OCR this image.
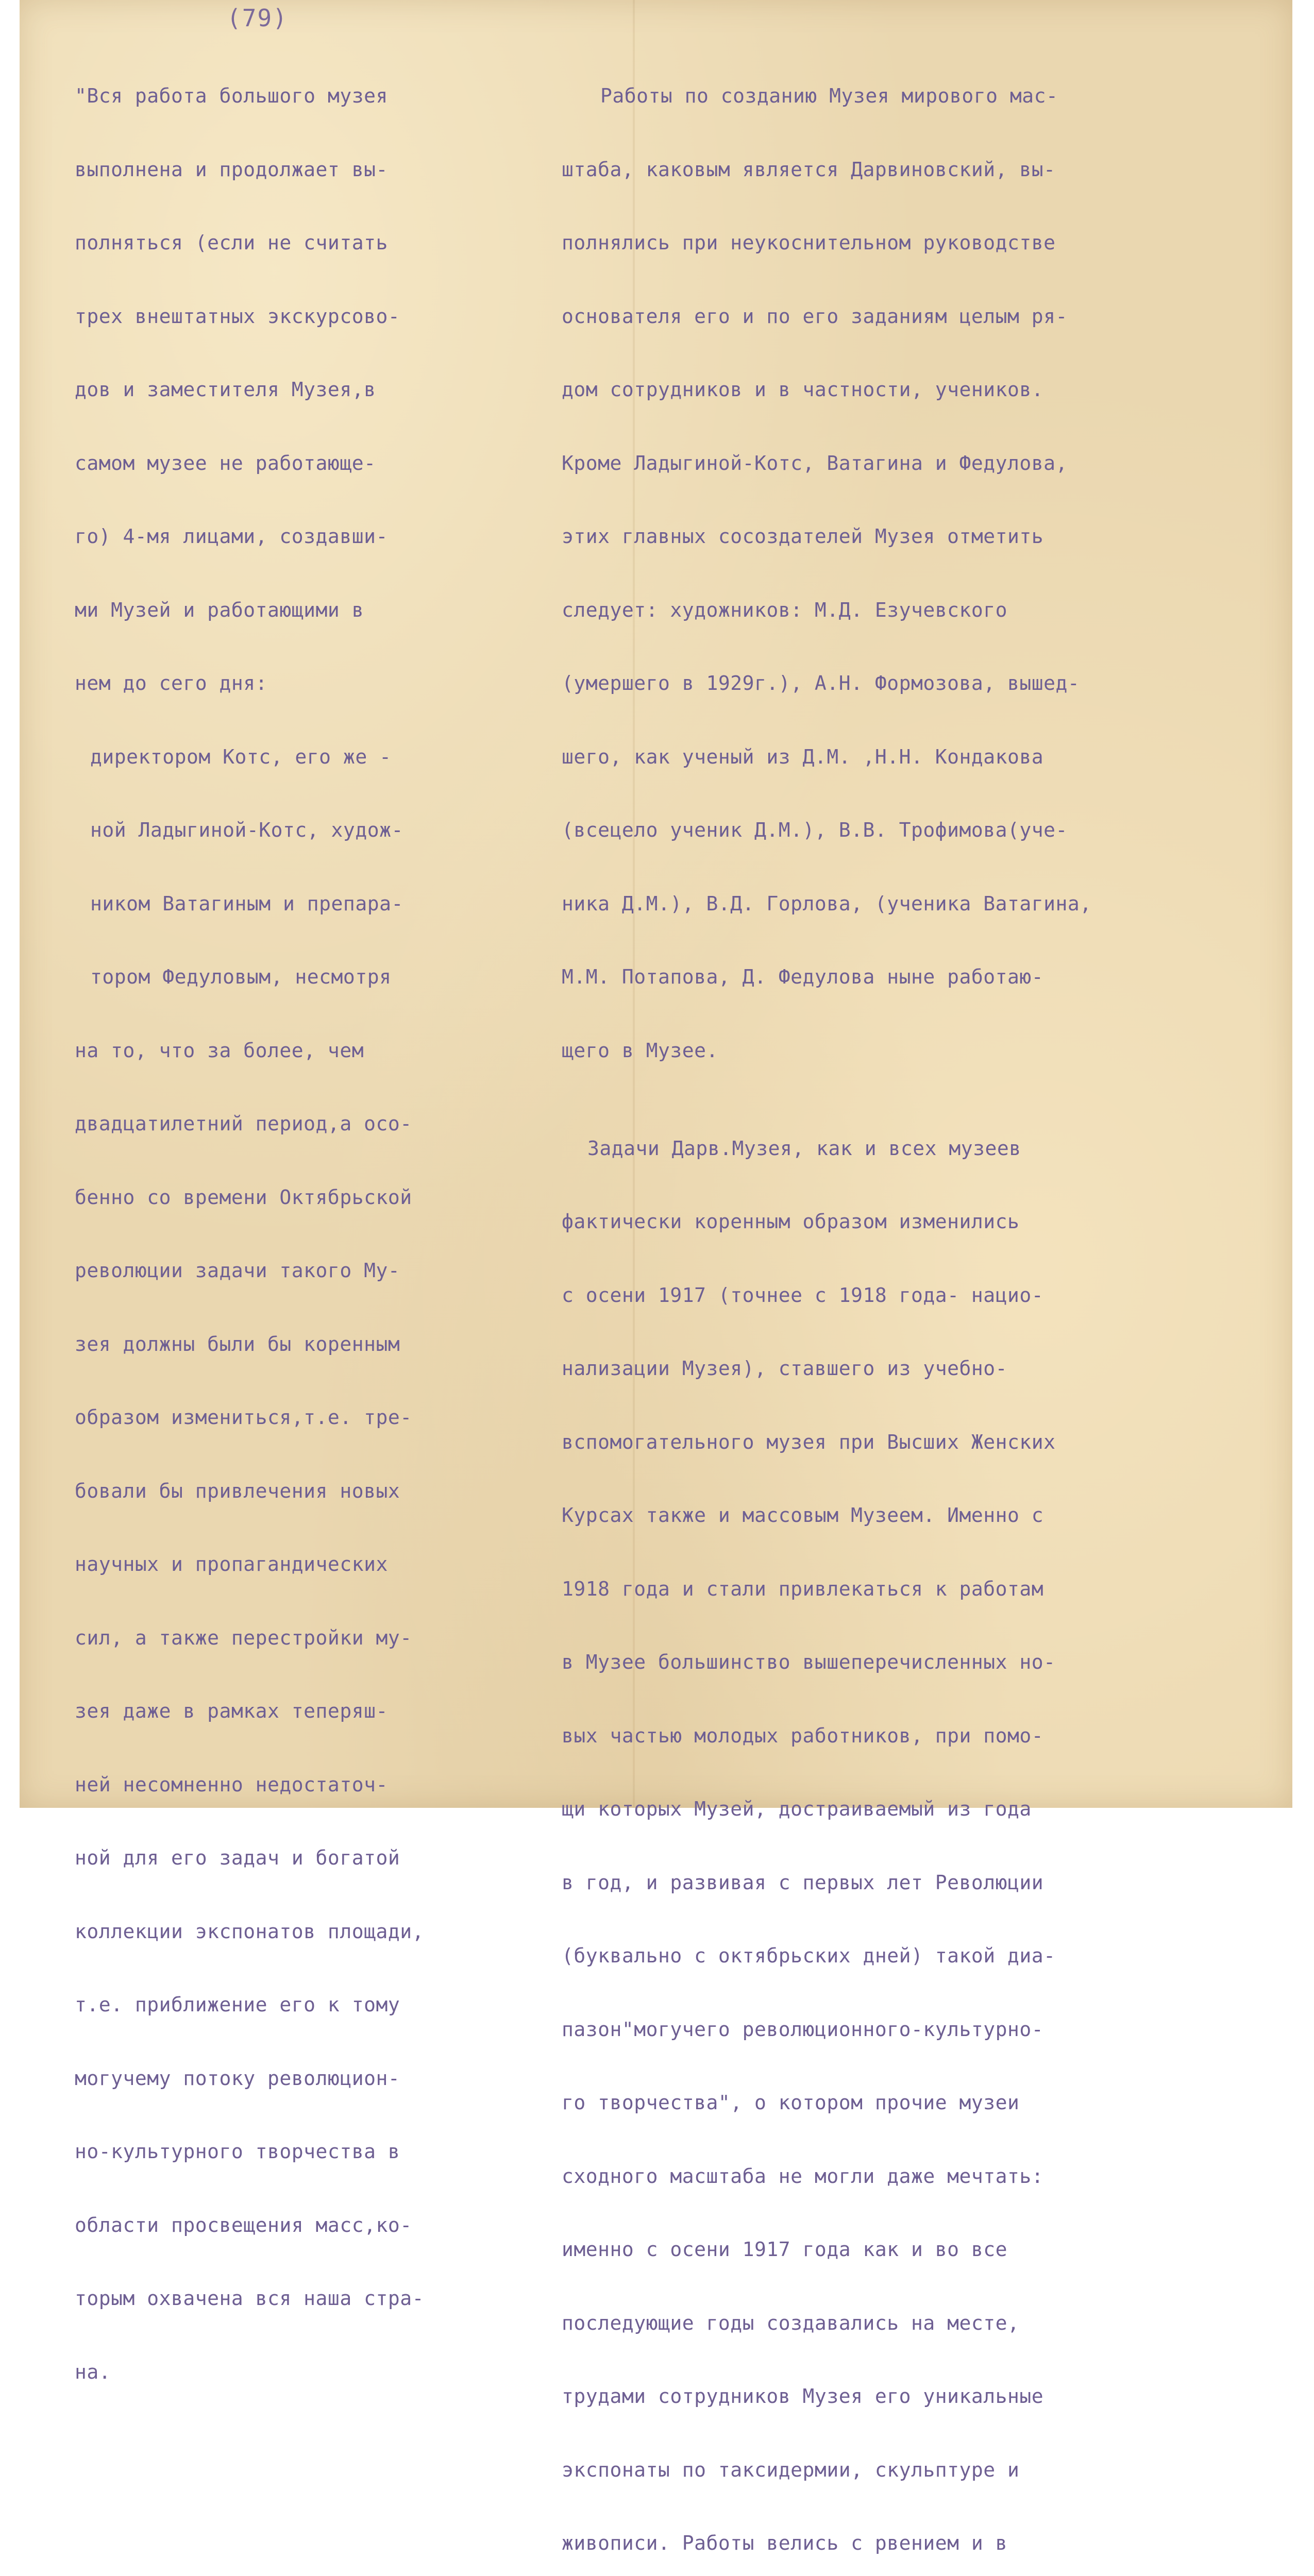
(79)

"Вся работа большого музея

выполнена и продолжает вы-

полняться (если не считать

трех внештатных экскурсово-

дов и заместителя Музея,в

самом музее не работающе-

го) 4-мя лицами, создавши-

ми Музей и работающими в

нем до сего дня:

директором Котс, его же -

ной Ладыгиной-Котс, худож-

ником Ватагиным и препара-

тором Федуловым, несмотря

на то, что за более, чем

двадцатилетний период,а осо-

бенно со времени Октябрьской

революции задачи такого Му-

зея должны были бы коренным

образом измениться,т.е. тре-

бовали бы привлечения новых

научных и пропагандических

сил, а также перестройки му-

зея даже в рамках теперяш-

ней несомненно недостаточ-

ной для его задач и богатой

коллекции экспонатов площади,

т.е. приближение его к тому

могучему потоку революцион-

но-культурного творчества в

области просвещения масс,ко-

торым охвачена вся наша стра-

на.

Работы по созданию Музея мирового мас-

штаба, каковым является Дарвиновский, вы-

полнялись при неукоснительном руководстве

основателя его и по его заданиям целым ря-

дом сотрудников и в частности, учеников.

Кроме Ладыгиной-Котс, Ватагина и Федулова,

этих главных сосоздателей Музея отметить

следует: художников: М.Д. Езучевского

(умершего в 1929г.), А.Н. Формозова, вышед-

шего, как ученый из Д.М. ,Н.Н. Кондакова

(всецело ученик Д.М.), В.В. Трофимова(уче-

ника Д.М.), В.Д. Горлова, (ученика Ватагина,

М.М. Потапова, Д. Федулова ныне работаю-

щего в Музее.

Задачи Дарв.Музея, как и всех музеев

фактически коренным образом изменились

с осени 1917 (точнее с 1918 года- нацио-

нализации Музея), ставшего из учебно-

вспомогательного музея при Высших Женских

Курсах также и массовым Музеем. Именно с

1918 года и стали привлекаться к работам

в Музее большинство вышеперечисленных но-

вых частью молодых работников, при помо-

щи которых Музей, достраиваемый из года

в год, и развивая с первых лет Революции

(буквально с октябрьских дней) такой диа-

пазон"могучего революционного-культурно-

го творчества", о котором прочие музеи

сходного масштаба не могли даже мечтать:

именно с осени 1917 года как и во все

последующие годы создавались на месте,

трудами сотрудников Музея его уникальные

экспонаты по таксидермии, скульптуре и

живописи. Работы велись с рвением и в
